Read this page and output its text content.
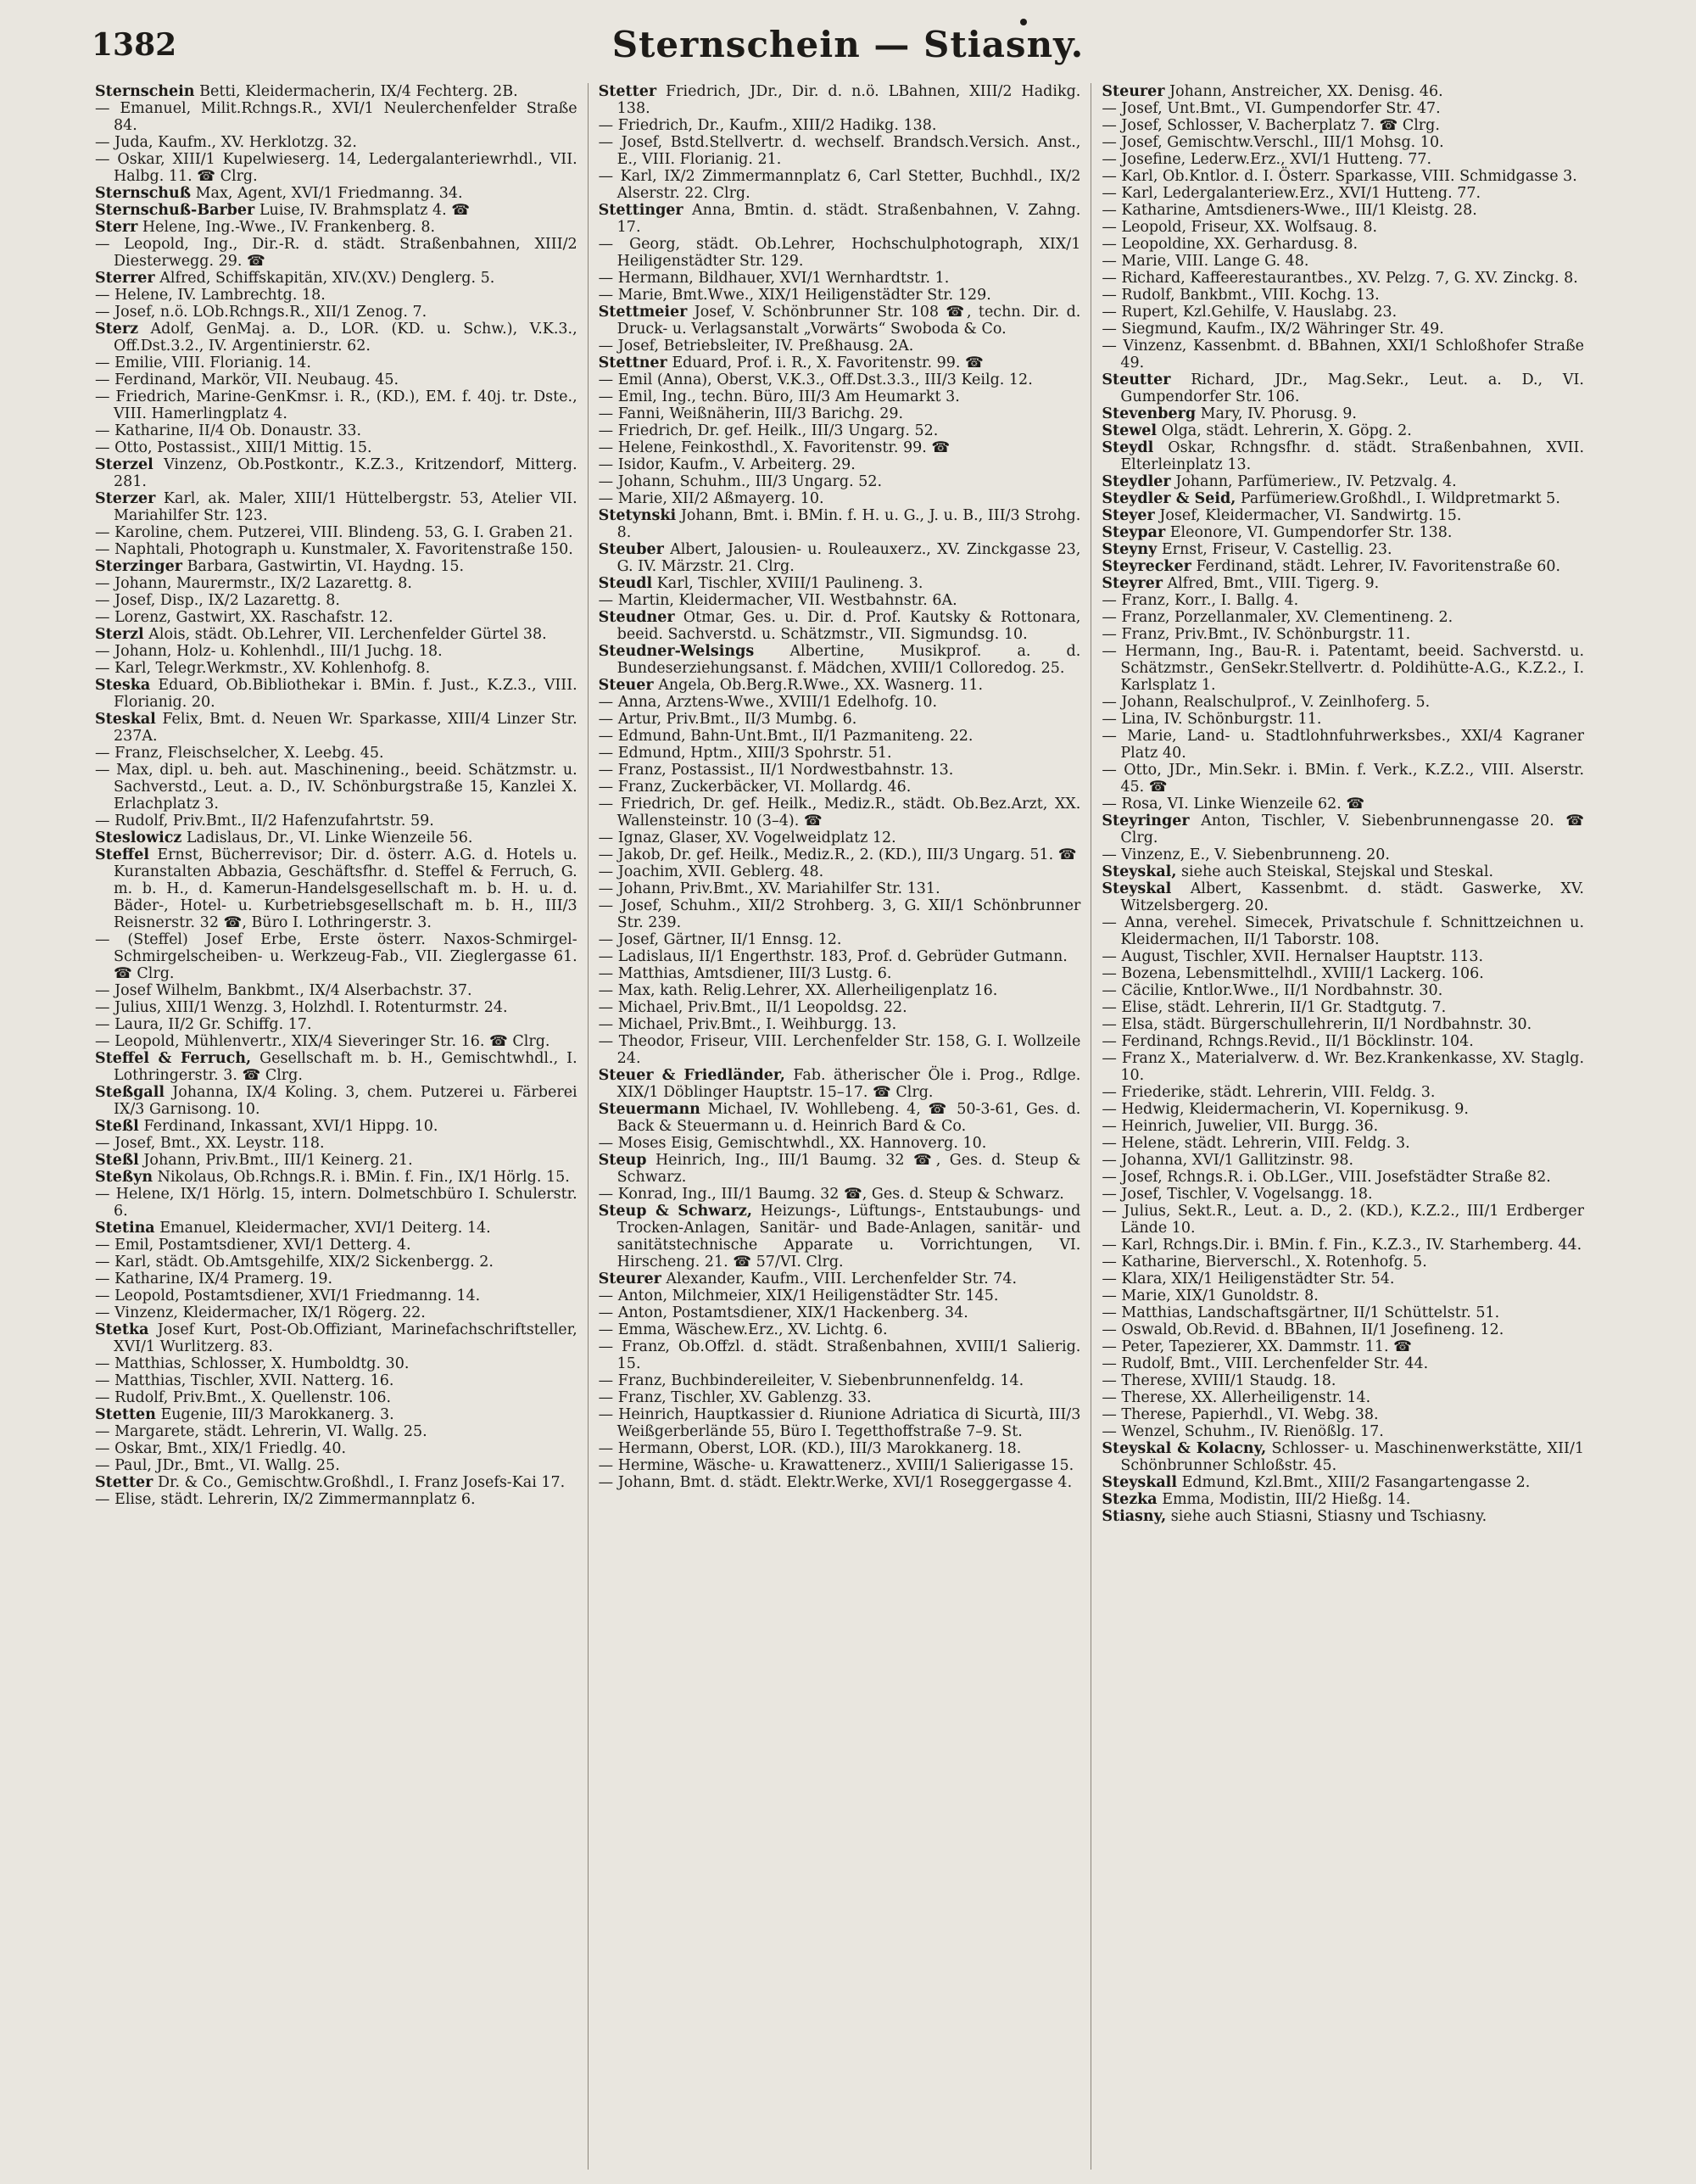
1382	Sternschein — Stiasny.

Sternschein Betti, Kleidermacherin, IX/4 Fechterg. 2B.

— Emanuel, Milit.Rchngs.R., XVI/1 Neulerchenfelder Straße 84.

— Juda, Kaufm., XV. Herklotzg. 32.

— Oskar, XIII/1 Kupelwieserg. 14, Ledergalanteriewrhdl., VII. Halbg. 11. ☎ Clrg.

Sternschuß Max, Agent, XVI/1 Friedmanng. 34.

Sternschuß-Barber Luise, IV. Brahmsplatz 4. ☎

Sterr Helene, Ing.-Wwe., IV. Frankenberg. 8.

— Leopold, Ing., Dir.-R. d. städt. Straßenbahnen, XIII/2 Diesterwegg. 29. ☎

Sterrer Alfred, Schiffskapitän, XIV.(XV.) Denglerg. 5.

— Helene, IV. Lambrechtg. 18.

— Josef, n.ö. LOb.Rchngs.R., XII/1 Zenog. 7.

Sterz Adolf, GenMaj. a. D., LOR. (KD. u. Schw.), V.K.3., Off.Dst.3.2., IV. Argentinierstr. 62.

— Emilie, VIII. Florianig. 14.

— Ferdinand, Markör, VII. Neubaug. 45.

— Friedrich, Marine-GenKmsr. i. R., (KD.), EM. f. 40j. tr. Dste., VIII. Hamerlingplatz 4.

— Katharine, II/4 Ob. Donaustr. 33.

— Otto, Postassist., XIII/1 Mittig. 15.

Sterzel Vinzenz, Ob.Postkontr., K.Z.3., Kritzendorf, Mitterg. 281.

Sterzer Karl, ak. Maler, XIII/1 Hüttelbergstr. 53, Atelier VII. Mariahilfer Str. 123.

— Karoline, chem. Putzerei, VIII. Blindeng. 53, G. I. Graben 21.

— Naphtali, Photograph u. Kunstmaler, X. Favoritenstraße 150.

Sterzinger Barbara, Gastwirtin, VI. Haydng. 15.

— Johann, Maurermstr., IX/2 Lazarettg. 8.

— Josef, Disp., IX/2 Lazarettg. 8.

— Lorenz, Gastwirt, XX. Raschafstr. 12.

Sterzl Alois, städt. Ob.Lehrer, VII. Lerchenfelder Gürtel 38.

— Johann, Holz- u. Kohlenhdl., III/1 Juchg. 18.

— Karl, Telegr.Werkmstr., XV. Kohlenhofg. 8.

Steska Eduard, Ob.Bibliothekar i. BMin. f. Just., K.Z.3., VIII. Florianig. 20.

Steskal Felix, Bmt. d. Neuen Wr. Sparkasse, XIII/4 Linzer Str. 237A.

— Franz, Fleischselcher, X. Leebg. 45.

— Max, dipl. u. beh. aut. Maschinening., beeid. Schätzmstr. u. Sachverstd., Leut. a. D., IV. Schönburgstraße 15, Kanzlei X. Erlachplatz 3.

— Rudolf, Priv.Bmt., II/2 Hafenzufahrtstr. 59.

Steslowicz Ladislaus, Dr., VI. Linke Wienzeile 56.

Steffel Ernst, Bücherrevisor; Dir. d. österr. A.G. d. Hotels u. Kuranstalten Abbazia, Geschäftsfhr. d. Steffel & Ferruch, G. m. b. H., d. Kamerun-Handelsgesellschaft m. b. H. u. d. Bäder-, Hotel- u. Kurbetriebsgesellschaft m. b. H., III/3 Reisnerstr. 32 ☎, Büro I. Lothringerstr. 3.

— (Steffel) Josef Erbe, Erste österr. Naxos-Schmirgel-Schmirgelscheiben- u. Werkzeug-Fab., VII. Zieglergasse 61. ☎ Clrg.

— Josef Wilhelm, Bankbmt., IX/4 Alserbachstr. 37.

— Julius, XIII/1 Wenzg. 3, Holzhdl. I. Rotenturmstr. 24.

— Laura, II/2 Gr. Schiffg. 17.

— Leopold, Mühlenvertr., XIX/4 Sieveringer Str. 16. ☎ Clrg.

Steffel & Ferruch, Gesellschaft m. b. H., Gemischtwhdl., I. Lothringerstr. 3. ☎ Clrg.

Steßgall Johanna, IX/4 Koling. 3, chem. Putzerei u. Färberei IX/3 Garnisong. 10.

Steßl Ferdinand, Inkassant, XVI/1 Hippg. 10.

— Josef, Bmt., XX. Leystr. 118.

Steßl Johann, Priv.Bmt., III/1 Keinerg. 21.

Steßyn Nikolaus, Ob.Rchngs.R. i. BMin. f. Fin., IX/1 Hörlg. 15.

— Helene, IX/1 Hörlg. 15, intern. Dolmetschbüro I. Schulerstr. 6.

Stetina Emanuel, Kleidermacher, XVI/1 Deiterg. 14.

— Emil, Postamtsdiener, XVI/1 Detterg. 4.

— Karl, städt. Ob.Amtsgehilfe, XIX/2 Sickenbergg. 2.

— Katharine, IX/4 Pramerg. 19.

— Leopold, Postamtsdiener, XVI/1 Friedmanng. 14.

— Vinzenz, Kleidermacher, IX/1 Rögerg. 22.

Stetka Josef Kurt, Post-Ob.Offiziant, Marinefachschriftsteller, XVI/1 Wurlitzerg. 83.

— Matthias, Schlosser, X. Humboldtg. 30.

— Matthias, Tischler, XVII. Natterg. 16.

— Rudolf, Priv.Bmt., X. Quellenstr. 106.

Stetten Eugenie, III/3 Marokkanerg. 3.

— Margarete, städt. Lehrerin, VI. Wallg. 25.

— Oskar, Bmt., XIX/1 Friedlg. 40.

— Paul, JDr., Bmt., VI. Wallg. 25.

Stetter Dr. & Co., Gemischtw.Großhdl., I. Franz Josefs-Kai 17.

— Elise, städt. Lehrerin, IX/2 Zimmermannplatz 6.

Stetter Friedrich, JDr., Dir. d. n.ö. LBahnen, XIII/2 Hadikg. 138.

— Friedrich, Dr., Kaufm., XIII/2 Hadikg. 138.

— Josef, Bstd.Stellvertr. d. wechself. Brandsch.Versich. Anst., E., VIII. Florianig. 21.

— Karl, IX/2 Zimmermannplatz 6, Carl Stetter, Buchhdl., IX/2 Alserstr. 22. Clrg.

Stettinger Anna, Bmtin. d. städt. Straßenbahnen, V. Zahng. 17.

— Georg, städt. Ob.Lehrer, Hochschulphotograph, XIX/1 Heiligenstädter Str. 129.

— Hermann, Bildhauer, XVI/1 Wernhardtstr. 1.

— Marie, Bmt.Wwe., XIX/1 Heiligenstädter Str. 129.

Stettmeier Josef, V. Schönbrunner Str. 108 ☎, techn. Dir. d. Druck- u. Verlagsanstalt „Vorwärts“ Swoboda & Co.

— Josef, Betriebsleiter, IV. Preßhausg. 2A.

Stettner Eduard, Prof. i. R., X. Favoritenstr. 99. ☎

— Emil (Anna), Oberst, V.K.3., Off.Dst.3.3., III/3 Keilg. 12.

— Emil, Ing., techn. Büro, III/3 Am Heumarkt 3.

— Fanni, Weißnäherin, III/3 Barichg. 29.

— Friedrich, Dr. gef. Heilk., III/3 Ungarg. 52.

— Helene, Feinkosthdl., X. Favoritenstr. 99. ☎

— Isidor, Kaufm., V. Arbeiterg. 29.

— Johann, Schuhm., III/3 Ungarg. 52.

— Marie, XII/2 Aßmayerg. 10.

Stetynski Johann, Bmt. i. BMin. f. H. u. G., J. u. B., III/3 Strohg. 8.

Steuber Albert, Jalousien- u. Rouleauxerz., XV. Zinckgasse 23, G. IV. Märzstr. 21. Clrg.

Steudl Karl, Tischler, XVIII/1 Paulineng. 3.

— Martin, Kleidermacher, VII. Westbahnstr. 6A.

Steudner Otmar, Ges. u. Dir. d. Prof. Kautsky & Rottonara, beeid. Sachverstd. u. Schätzmstr., VII. Sigmundsg. 10.

Steudner-Welsings Albertine, Musikprof. a. d. Bundeserziehungsanst. f. Mädchen, XVIII/1 Colloredog. 25.

Steuer Angela, Ob.Berg.R.Wwe., XX. Wasnerg. 11.

— Anna, Arztens-Wwe., XVIII/1 Edelhofg. 10.

— Artur, Priv.Bmt., II/3 Mumbg. 6.

— Edmund, Bahn-Unt.Bmt., II/1 Pazmaniteng. 22.

— Edmund, Hptm., XIII/3 Spohrstr. 51.

— Franz, Postassist., II/1 Nordwestbahnstr. 13.

— Franz, Zuckerbäcker, VI. Mollardg. 46.

— Friedrich, Dr. gef. Heilk., Mediz.R., städt. Ob.Bez.Arzt, XX. Wallensteinstr. 10 (3–4). ☎

— Ignaz, Glaser, XV. Vogelweidplatz 12.

— Jakob, Dr. gef. Heilk., Mediz.R., 2. (KD.), III/3 Ungarg. 51. ☎

— Joachim, XVII. Geblerg. 48.

— Johann, Priv.Bmt., XV. Mariahilfer Str. 131.

— Josef, Schuhm., XII/2 Strohberg. 3, G. XII/1 Schönbrunner Str. 239.

— Josef, Gärtner, II/1 Ennsg. 12.

— Ladislaus, II/1 Engerthstr. 183, Prof. d. Gebrüder Gutmann.

— Matthias, Amtsdiener, III/3 Lustg. 6.

— Max, kath. Relig.Lehrer, XX. Allerheiligenplatz 16.

— Michael, Priv.Bmt., II/1 Leopoldsg. 22.

— Michael, Priv.Bmt., I. Weihburgg. 13.

— Theodor, Friseur, VIII. Lerchenfelder Str. 158, G. I. Wollzeile 24.

Steuer & Friedländer, Fab. ätherischer Öle i. Prog., Rdlge. XIX/1 Döblinger Hauptstr. 15–17. ☎ Clrg.

Steuermann Michael, IV. Wohllebeng. 4, ☎ 50-3-61, Ges. d. Back & Steuermann u. d. Heinrich Bard & Co.

— Moses Eisig, Gemischtwhdl., XX. Hannoverg. 10.

Steup Heinrich, Ing., III/1 Baumg. 32 ☎, Ges. d. Steup & Schwarz.

— Konrad, Ing., III/1 Baumg. 32 ☎, Ges. d. Steup & Schwarz.

Steup & Schwarz, Heizungs-, Lüftungs-, Entstaubungs- und Trocken-Anlagen, Sanitär- und Bade-Anlagen, sanitär- und sanitätstechnische Apparate u. Vorrichtungen, VI. Hirscheng. 21. ☎ 57/VI. Clrg.

Steurer Alexander, Kaufm., VIII. Lerchenfelder Str. 74.

— Anton, Milchmeier, XIX/1 Heiligenstädter Str. 145.

— Anton, Postamtsdiener, XIX/1 Hackenberg. 34.

— Emma, Wäschew.Erz., XV. Lichtg. 6.

— Franz, Ob.Offzl. d. städt. Straßenbahnen, XVIII/1 Salierig. 15.

— Franz, Buchbindereileiter, V. Siebenbrunnenfeldg. 14.

— Franz, Tischler, XV. Gablenzg. 33.

— Heinrich, Hauptkassier d. Riunione Adriatica di Sicurtà, III/3 Weißgerberlände 55, Büro I. Tegetthoffstraße 7–9. St.

— Hermann, Oberst, LOR. (KD.), III/3 Marokkanerg. 18.

— Hermine, Wäsche- u. Krawattenerz., XVIII/1 Salierigasse 15.

— Johann, Bmt. d. städt. Elektr.Werke, XVI/1 Roseggergasse 4.

Steurer Johann, Anstreicher, XX. Denisg. 46.

— Josef, Unt.Bmt., VI. Gumpendorfer Str. 47.

— Josef, Schlosser, V. Bacherplatz 7. ☎ Clrg.

— Josef, Gemischtw.Verschl., III/1 Mohsg. 10.

— Josefine, Lederw.Erz., XVI/1 Hutteng. 77.

— Karl, Ob.Kntlor. d. I. Österr. Sparkasse, VIII. Schmidgasse 3.

— Karl, Ledergalanteriew.Erz., XVI/1 Hutteng. 77.

— Katharine, Amtsdieners-Wwe., III/1 Kleistg. 28.

— Leopold, Friseur, XX. Wolfsaug. 8.

— Leopoldine, XX. Gerhardusg. 8.

— Marie, VIII. Lange G. 48.

— Richard, Kaffeerestaurantbes., XV. Pelzg. 7, G. XV. Zinckg. 8.

— Rudolf, Bankbmt., VIII. Kochg. 13.

— Rupert, Kzl.Gehilfe, V. Hauslabg. 23.

— Siegmund, Kaufm., IX/2 Währinger Str. 49.

— Vinzenz, Kassenbmt. d. BBahnen, XXI/1 Schloßhofer Straße 49.

Steutter Richard, JDr., Mag.Sekr., Leut. a. D., VI. Gumpendorfer Str. 106.

Stevenberg Mary, IV. Phorusg. 9.

Stewel Olga, städt. Lehrerin, X. Göpg. 2.

Steydl Oskar, Rchngsfhr. d. städt. Straßenbahnen, XVII. Elterleinplatz 13.

Steydler Johann, Parfümeriew., IV. Petzvalg. 4.

Steydler & Seid, Parfümeriew.Großhdl., I. Wildpretmarkt 5.

Steyer Josef, Kleidermacher, VI. Sandwirtg. 15.

Steypar Eleonore, VI. Gumpendorfer Str. 138.

Steyny Ernst, Friseur, V. Castellig. 23.

Steyrecker Ferdinand, städt. Lehrer, IV. Favoritenstraße 60.

Steyrer Alfred, Bmt., VIII. Tigerg. 9.

— Franz, Korr., I. Ballg. 4.

— Franz, Porzellanmaler, XV. Clementineng. 2.

— Franz, Priv.Bmt., IV. Schönburgstr. 11.

— Hermann, Ing., Bau-R. i. Patentamt, beeid. Sachverstd. u. Schätzmstr., GenSekr.Stellvertr. d. Poldihütte-A.G., K.Z.2., I. Karlsplatz 1.

— Johann, Realschulprof., V. Zeinlhoferg. 5.

— Lina, IV. Schönburgstr. 11.

— Marie, Land- u. Stadtlohnfuhrwerksbes., XXI/4 Kagraner Platz 40.

— Otto, JDr., Min.Sekr. i. BMin. f. Verk., K.Z.2., VIII. Alserstr. 45. ☎

— Rosa, VI. Linke Wienzeile 62. ☎

Steyringer Anton, Tischler, V. Siebenbrunnengasse 20. ☎ Clrg.

— Vinzenz, E., V. Siebenbrunneng. 20.

Steyskal, siehe auch Steiskal, Stejskal und Steskal.

Steyskal Albert, Kassenbmt. d. städt. Gaswerke, XV. Witzelsbergerg. 20.

— Anna, verehel. Simecek, Privatschule f. Schnittzeichnen u. Kleidermachen, II/1 Taborstr. 108.

— August, Tischler, XVII. Hernalser Hauptstr. 113.

— Bozena, Lebensmittelhdl., XVIII/1 Lackerg. 106.

— Cäcilie, Kntlor.Wwe., II/1 Nordbahnstr. 30.

— Elise, städt. Lehrerin, II/1 Gr. Stadtgutg. 7.

— Elsa, städt. Bürgerschullehrerin, II/1 Nordbahnstr. 30.

— Ferdinand, Rchngs.Revid., II/1 Böcklinstr. 104.

— Franz X., Materialverw. d. Wr. Bez.Krankenkasse, XV. Staglg. 10.

— Friederike, städt. Lehrerin, VIII. Feldg. 3.

— Hedwig, Kleidermacherin, VI. Kopernikusg. 9.

— Heinrich, Juwelier, VII. Burgg. 36.

— Helene, städt. Lehrerin, VIII. Feldg. 3.

— Johanna, XVI/1 Gallitzinstr. 98.

— Josef, Rchngs.R. i. Ob.LGer., VIII. Josefstädter Straße 82.

— Josef, Tischler, V. Vogelsangg. 18.

— Julius, Sekt.R., Leut. a. D., 2. (KD.), K.Z.2., III/1 Erdberger Lände 10.

— Karl, Rchngs.Dir. i. BMin. f. Fin., K.Z.3., IV. Starhemberg. 44.

— Katharine, Bierverschl., X. Rotenhofg. 5.

— Klara, XIX/1 Heiligenstädter Str. 54.

— Marie, XIX/1 Gunoldstr. 8.

— Matthias, Landschaftsgärtner, II/1 Schüttelstr. 51.

— Oswald, Ob.Revid. d. BBahnen, II/1 Josefineng. 12.

— Peter, Tapezierer, XX. Dammstr. 11. ☎

— Rudolf, Bmt., VIII. Lerchenfelder Str. 44.

— Therese, XVIII/1 Staudg. 18.

— Therese, XX. Allerheiligenstr. 14.

— Therese, Papierhdl., VI. Webg. 38.

— Wenzel, Schuhm., IV. Rienößlg. 17.

Steyskal & Kolacny, Schlosser- u. Maschinenwerkstätte, XII/1 Schönbrunner Schloßstr. 45.

Steyskall Edmund, Kzl.Bmt., XIII/2 Fasangartengasse 2.

Stezka Emma, Modistin, III/2 Hießg. 14.

Stiasny, siehe auch Stiasni, Stiasny und Tschiasny.
